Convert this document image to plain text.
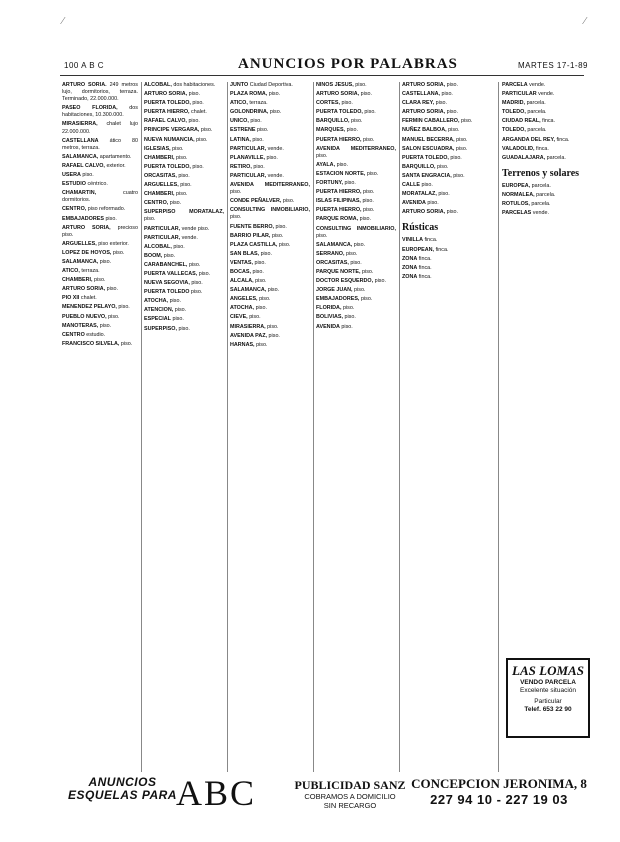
100 A B C	ANUNCIOS POR PALABRAS	MARTES 17-1-89
ARTURO SORIA. 249 metros lujo, dormitorios, terraza. Terminado, 22.000.000.
PASEO FLORIDA, dos habitaciones, 10.300.000.
MIRASIERRA, chalet lujo 22.000.000.
CASTELLANA ático 80 metros, terraza.
SALAMANCA, apartamento.
RAFAEL CALVO, exterior.
USERA piso.
ESTUDIO céntrico.
CHAMARTIN,	cuatro dormitorios.
CENTRO, piso reformado.
EMBAJADORES piso.
ARTURO SORIA, precioso piso.
ARGUELLES, piso exterior.
LOPEZ DE HOYOS, piso.
SALAMANCA, piso.
ATICO, terraza.
CHAMBERI, piso.
ARTURO SORIA, piso.
PIO XII chalet.
MENENDEZ PELAYO, piso.
PUEBLO NUEVO, piso.
MANOTERAS, piso.
CENTRO estudio.
FRANCISCO SILVELA, piso.
ALCOBAL, dos habitaciones.
ARTURO SORIA, piso.
PUERTA TOLEDO, piso.
PUERTA HIERRO, chalet.
RAFAEL CALVO, piso.
PRINCIPE VERGARA, piso.
NUEVA NUMANCIA, piso.
IGLESIAS, piso.
CHAMBERI, piso.
PUERTA TOLEDO, piso.
ORCASITAS, piso.
ARGUELLES, piso.
CHAMBERI, piso.
CENTRO, piso.
SUPERPISO MORATALAZ, piso.
PARTICULAR, vende piso.
PARTICULAR, vende.
ALCOBAL, piso.
BOOM, piso.
CARABANCHEL, piso.
PUERTA VALLECAS, piso.
NUEVA SEGOVIA, piso.
PUERTA TOLEDO piso.
ATOCHA, piso.
ATENCION, piso.
ESPECIAL piso.
SUPERPISO, piso.
JUNTO Ciudad Deportiva.
PLAZA ROMA, piso.
ATICO, terraza.
GOLONDRINA, piso.
UNICO, piso.
ESTRENE piso.
LATINA, piso.
PARTICULAR, vende.
PLANAVILLE, piso.
RETIRO, piso.
PARTICULAR, vende.
AVENIDA MEDITERRANEO, piso.
CONDE PEÑALVER, piso.
CONSULTING INMOBILIARIO, piso.
FUENTE BERRO, piso.
BARRIO PILAR, piso.
PLAZA CASTILLA, piso.
SAN BLAS, piso.
VENTAS, piso.
BOCAS, piso.
ALCALA, piso.
SALAMANCA, piso.
ANGELES, piso.
ATOCHA, piso.
CIEVE, piso.
MIRASIERRA, piso.
AVENIDA PAZ, piso.
HARNAS, piso.
NIÑOS JESUS, piso.
ARTURO SORIA, piso.
CORTES, piso.
PUERTA TOLEDO, piso.
BARQUILLO, piso.
MARQUES, piso.
PUERTA HIERRO, piso.
AVENIDA MEDITERRANEO, piso.
AYALA, piso.
ESTACION NORTE, piso.
FORTUNY, piso.
PUERTA HIERRO, piso.
ISLAS FILIPINAS, piso.
PUERTA HIERRO, piso.
PARQUE ROMA, piso.
CONSULTING INMOBILIARIO, piso.
SALAMANCA, piso.
SERRANO, piso.
ORCASITAS, piso.
PARQUE NORTE, piso.
DOCTOR ESQUERDO, piso.
JORGE JUAN, piso.
EMBAJADORES, piso.
FLORIDA, piso.
BOLIVIAS, piso.
AVENIDA piso.
ARTURO SORIA, piso.
CASTELLANA, piso.
CLARA REY, piso.
ARTURO SORIA, piso.
FERMIN CABALLERO, piso.
NUÑEZ BALBOA, piso.
MANUEL BECERRA, piso.
SALON ESCUADRA, piso.
PUERTA TOLEDO, piso.
BARQUILLO, piso.
SANTA ENGRACIA, piso.
CALLE piso.
MORATALAZ, piso.
AVENIDA piso.
ARTURO SORIA, piso.
Rústicas
VINILLA finca.
EUROPEAN, finca.
ZONA finca.
ZONA finca.
ZONA finca.
PARCELA vende.
PARTICULAR vende.
MADRID, parcela.
TOLEDO, parcela.
CIUDAD REAL, finca.
TOLEDO, parcela.
ARGANDA DEL REY, finca.
VALADOLID, finca.
GUADALAJARA, parcela.
Terrenos y solares
EUROPEA, parcela.
NORMALEA, parcela.
ROTULOS, parcela.
PARCELAS vende.
LAS LOMAS
VENDO PARCELA
Excelente situación
Particular
Telef. 653 22 90
ANUNCIOS
ESQUELAS PARA ABC	PUBLICIDAD SANZ
COBRAMOS A DOMICILIO
SIN RECARGO
CONCEPCION JERONIMA, 8
227 94 10 - 227 19 03
⁄	⁄
